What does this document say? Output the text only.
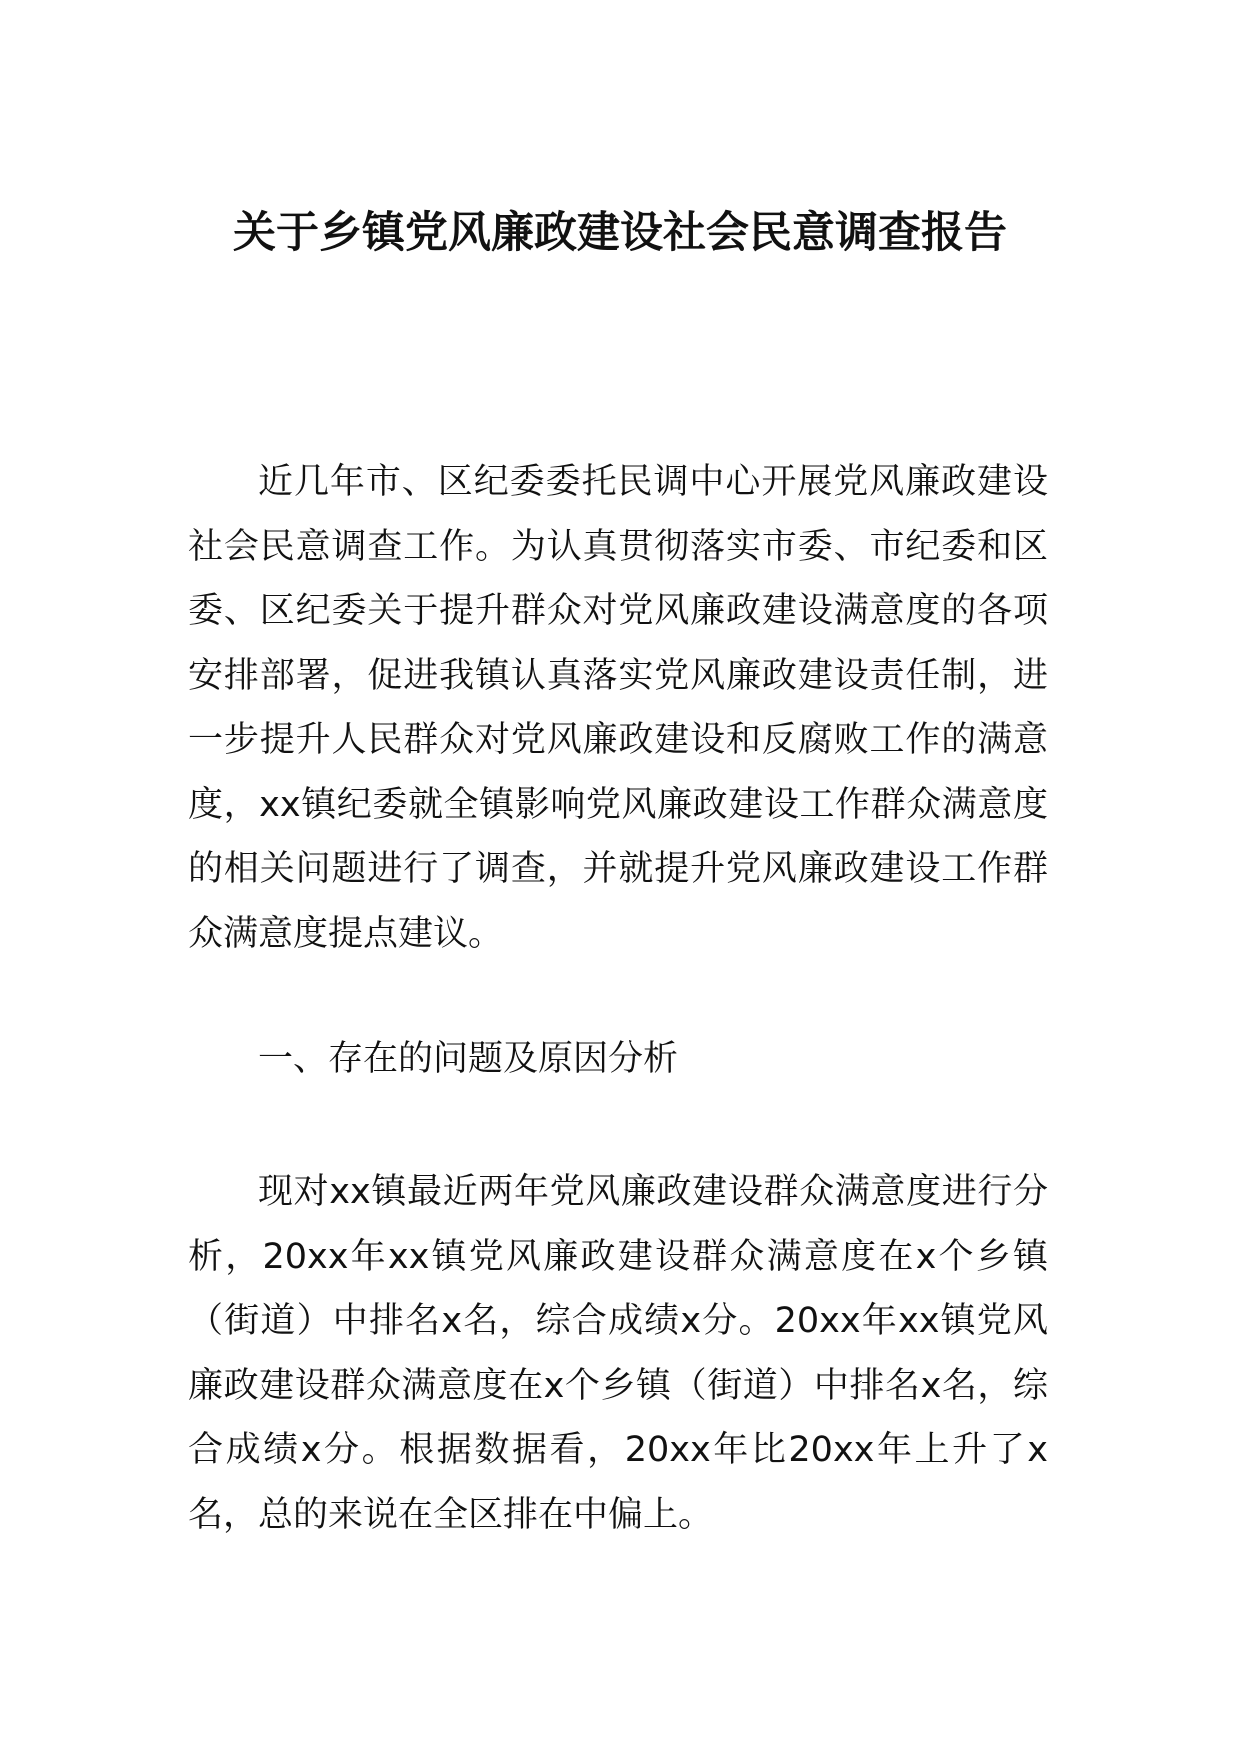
关于乡镇党风廉政建设社会民意调查报告

近几年市、区纪委委托民调中心开展党风廉政建设社会民意调查工作。为认真贯彻落实市委、市纪委和区委、区纪委关于提升群众对党风廉政建设满意度的各项安排部署，促进我镇认真落实党风廉政建设责任制，进一步提升人民群众对党风廉政建设和反腐败工作的满意度，xx镇纪委就全镇影响党风廉政建设工作群众满意度的相关问题进行了调查，并就提升党风廉政建设工作群众满意度提点建议。

一、存在的问题及原因分析

现对xx镇最近两年党风廉政建设群众满意度进行分析，20xx年xx镇党风廉政建设群众满意度在x个乡镇（街道）中排名x名，综合成绩x分。20xx年xx镇党风廉政建设群众满意度在x个乡镇（街道）中排名x名，综合成绩x分。根据数据看，20xx年比20xx年上升了x名，总的来说在全区排在中偏上。
